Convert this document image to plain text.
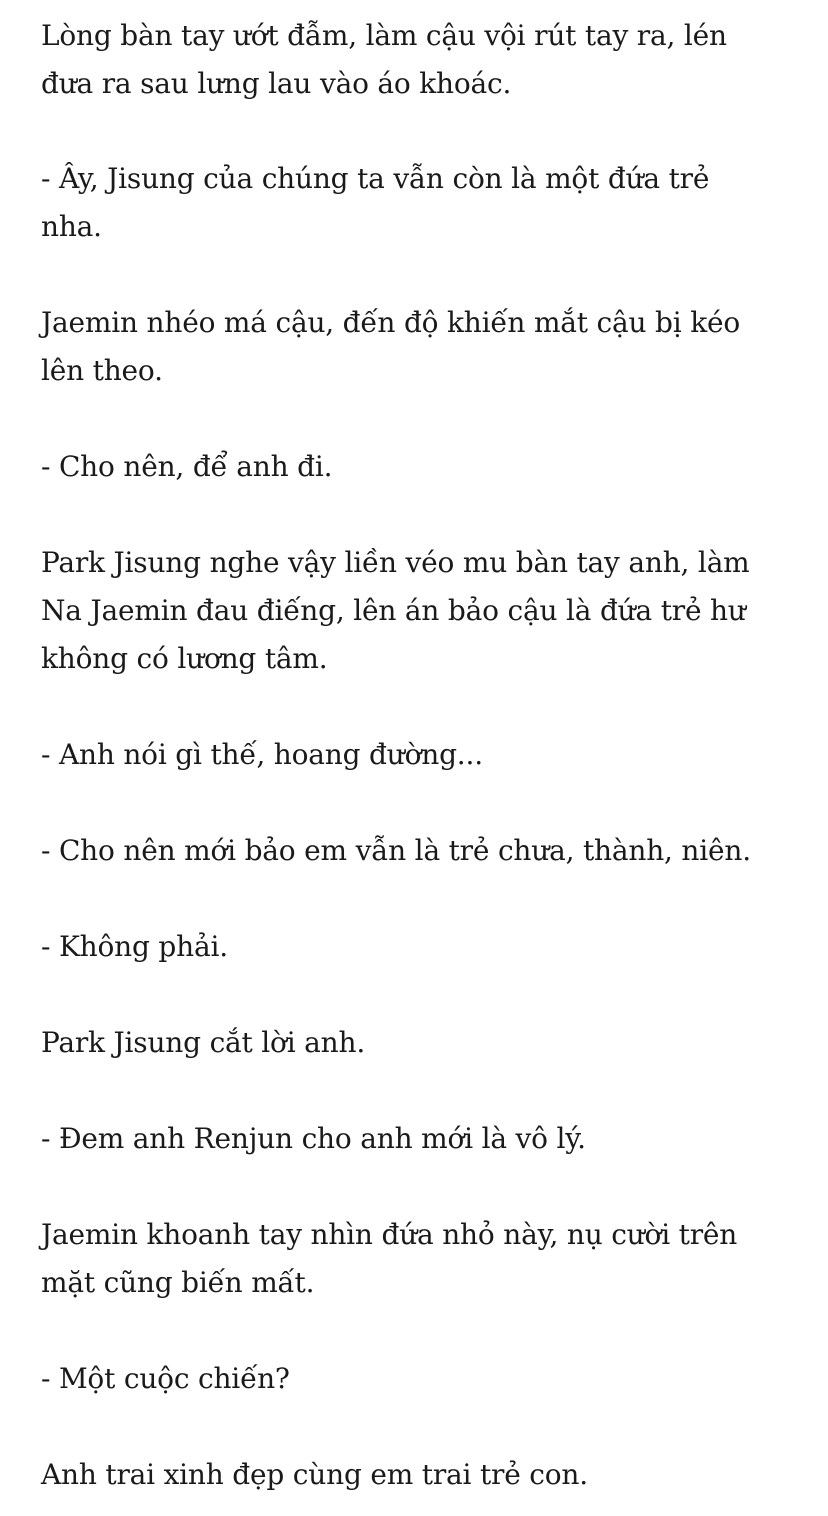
Lòng bàn tay ướt đẫm, làm cậu vội rút tay ra, lén
đưa ra sau lưng lau vào áo khoác.

- Ây, Jisung của chúng ta vẫn còn là một đứa trẻ
nha.

Jaemin nhéo má cậu, đến độ khiến mắt cậu bị kéo
lên theo.

- Cho nên, để anh đi.

Park Jisung nghe vậy liền véo mu bàn tay anh, làm
Na Jaemin đau điếng, lên án bảo cậu là đứa trẻ hư
không có lương tâm.

- Anh nói gì thế, hoang đường...

- Cho nên mới bảo em vẫn là trẻ chưa, thành, niên.

- Không phải.

Park Jisung cắt lời anh.

- Đem anh Renjun cho anh mới là vô lý.

Jaemin khoanh tay nhìn đứa nhỏ này, nụ cười trên
mặt cũng biến mất.

- Một cuộc chiến?

Anh trai xinh đẹp cùng em trai trẻ con.
